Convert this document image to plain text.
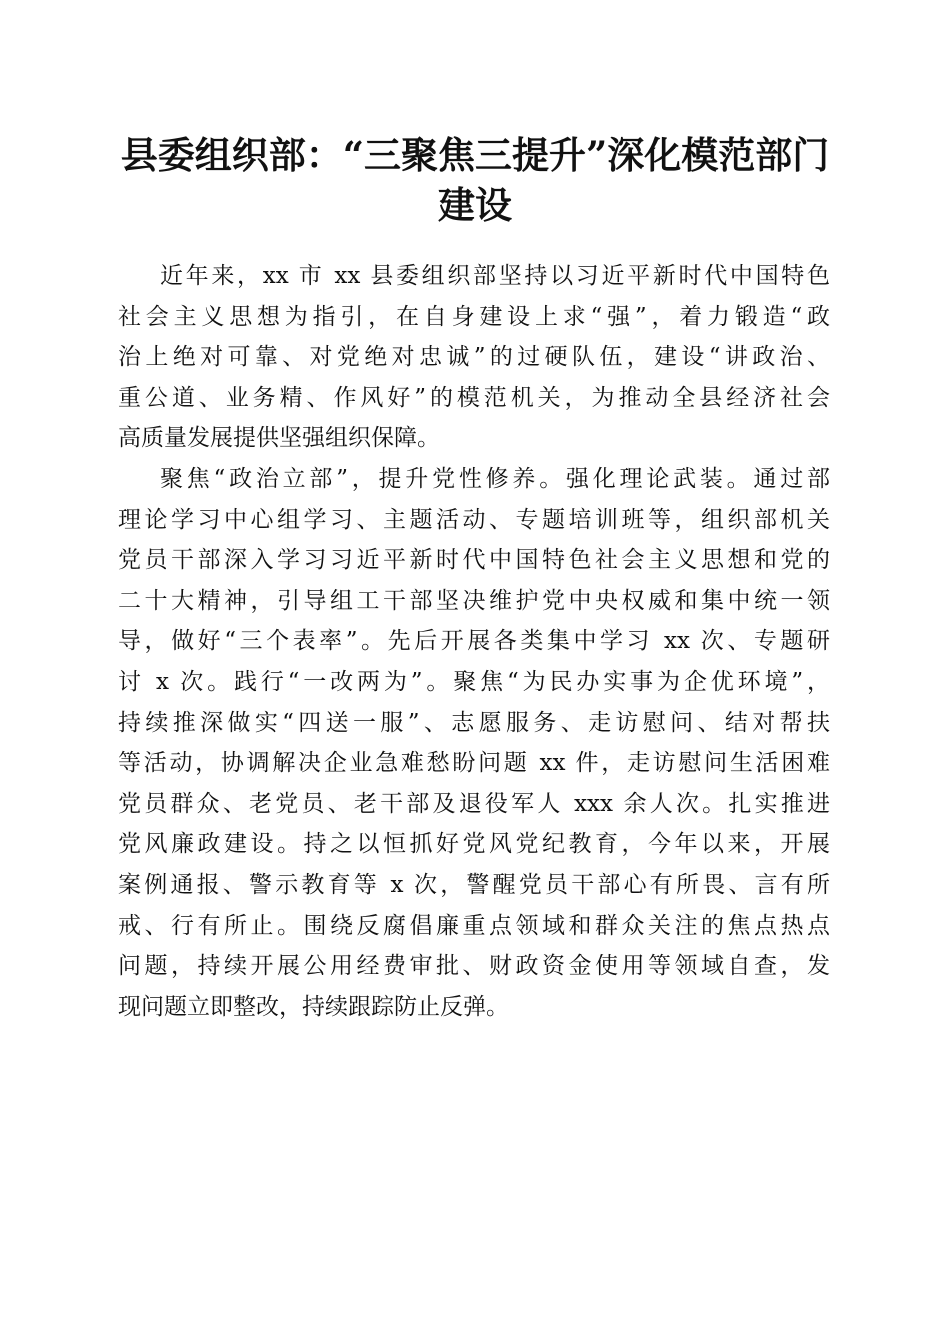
县委组织部：“三聚焦三提升”深化模范部门
建设
近年来，xx 市 xx 县委组织部坚持以习近平新时代中国特色
社会主义思想为指引，在自身建设上求“强”，着力锻造“政
治上绝对可靠、对党绝对忠诚”的过硬队伍，建设“讲政治、
重公道、业务精、作风好”的模范机关，为推动全县经济社会
高质量发展提供坚强组织保障。
聚焦“政治立部”，提升党性修养。强化理论武装。通过部
理论学习中心组学习、主题活动、专题培训班等，组织部机关
党员干部深入学习习近平新时代中国特色社会主义思想和党的
二十大精神，引导组工干部坚决维护党中央权威和集中统一领
导，做好“三个表率”。先后开展各类集中学习 xx 次、专题研
讨 x 次。践行“一改两为”。聚焦“为民办实事为企优环境”，
持续推深做实“四送一服”、志愿服务、走访慰问、结对帮扶
等活动，协调解决企业急难愁盼问题 xx 件，走访慰问生活困难
党员群众、老党员、老干部及退役军人 xxx 余人次。扎实推进
党风廉政建设。持之以恒抓好党风党纪教育，今年以来，开展
案例通报、警示教育等 x 次，警醒党员干部心有所畏、言有所
戒、行有所止。围绕反腐倡廉重点领域和群众关注的焦点热点
问题，持续开展公用经费审批、财政资金使用等领域自查，发
现问题立即整改，持续跟踪防止反弹。
